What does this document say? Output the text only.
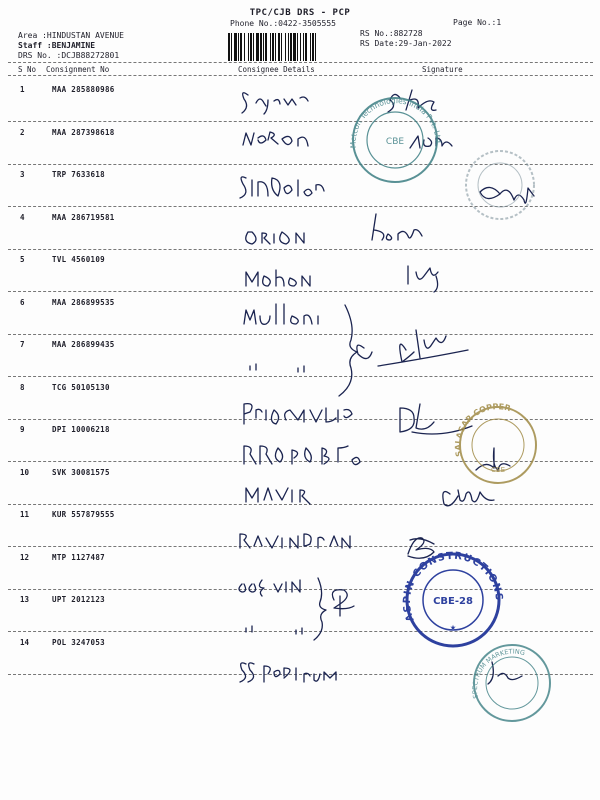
TPC/CJB DRS - PCP
Phone No.:0422-3505555	Page No.:1
Area :HINDUSTAN AVENUE
Staff :BENJAMINE
DRS No. :DCJB88272801
RS No.:882728
RS Date:29-Jan-2022
S No Consignment No	Consignee Details	Signature
1	MAA 285880986
2	MAA 287398618
3	TRP 7633618
4	MAA 286719581
5	TVL 4560109
6	MAA 286899535
7	MAA 286899435
8	TCG 50105130
9	DPI 10006218
10	SVK 30081575
11	KUR 557879555
12	MTP 1127487
13	UPT 2012123
14	POL 3247053
Metcon Technologies India Pvt. Ltd.
CBE
SALASAR COPPER
CBE
ASPIN CONSTRUCTIONS
CBE-28
★
SPECTRUM MARKETING
